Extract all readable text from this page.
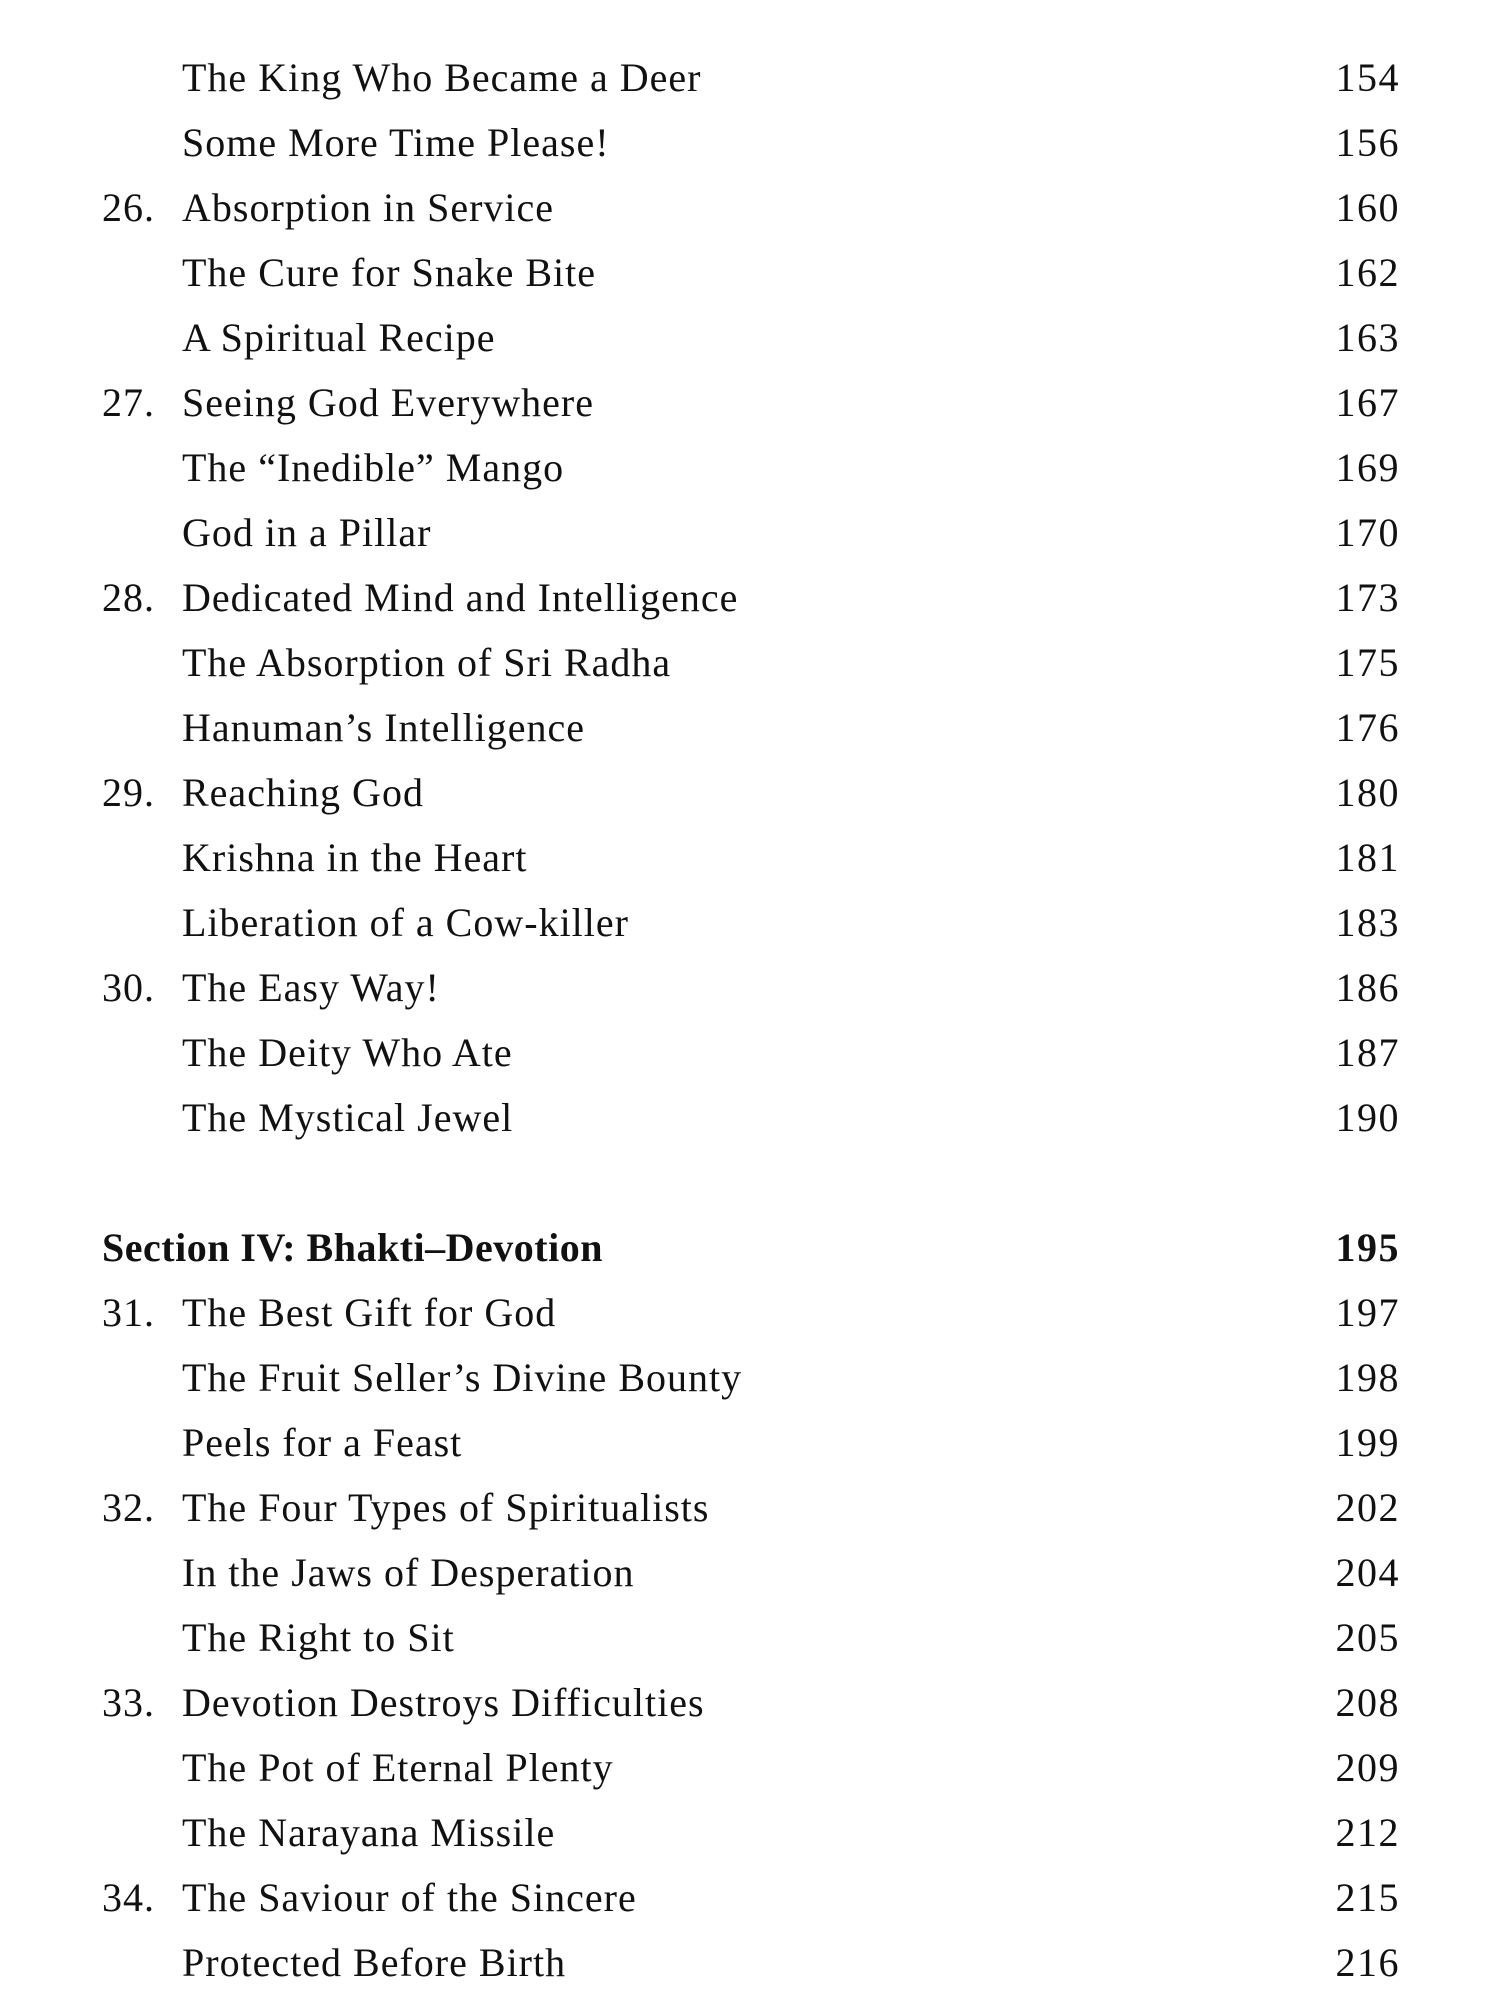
The King Who Became a Deer	154
Some More Time Please!	156
26. Absorption in Service	160
The Cure for Snake Bite	162
A Spiritual Recipe	163
27. Seeing God Everywhere	167
The “Inedible” Mango	169
God in a Pillar	170
28. Dedicated Mind and Intelligence	173
The Absorption of Sri Radha	175
Hanuman’s Intelligence	176
29. Reaching God	180
Krishna in the Heart	181
Liberation of a Cow-killer	183
30. The Easy Way!	186
The Deity Who Ate	187
The Mystical Jewel	190
Section IV: Bhakti–Devotion	195
31. The Best Gift for God	197
The Fruit Seller’s Divine Bounty	198
Peels for a Feast	199
32. The Four Types of Spiritualists	202
In the Jaws of Desperation	204
The Right to Sit	205
33. Devotion Destroys Difficulties	208
The Pot of Eternal Plenty	209
The Narayana Missile	212
34. The Saviour of the Sincere	215
Protected Before Birth	216
